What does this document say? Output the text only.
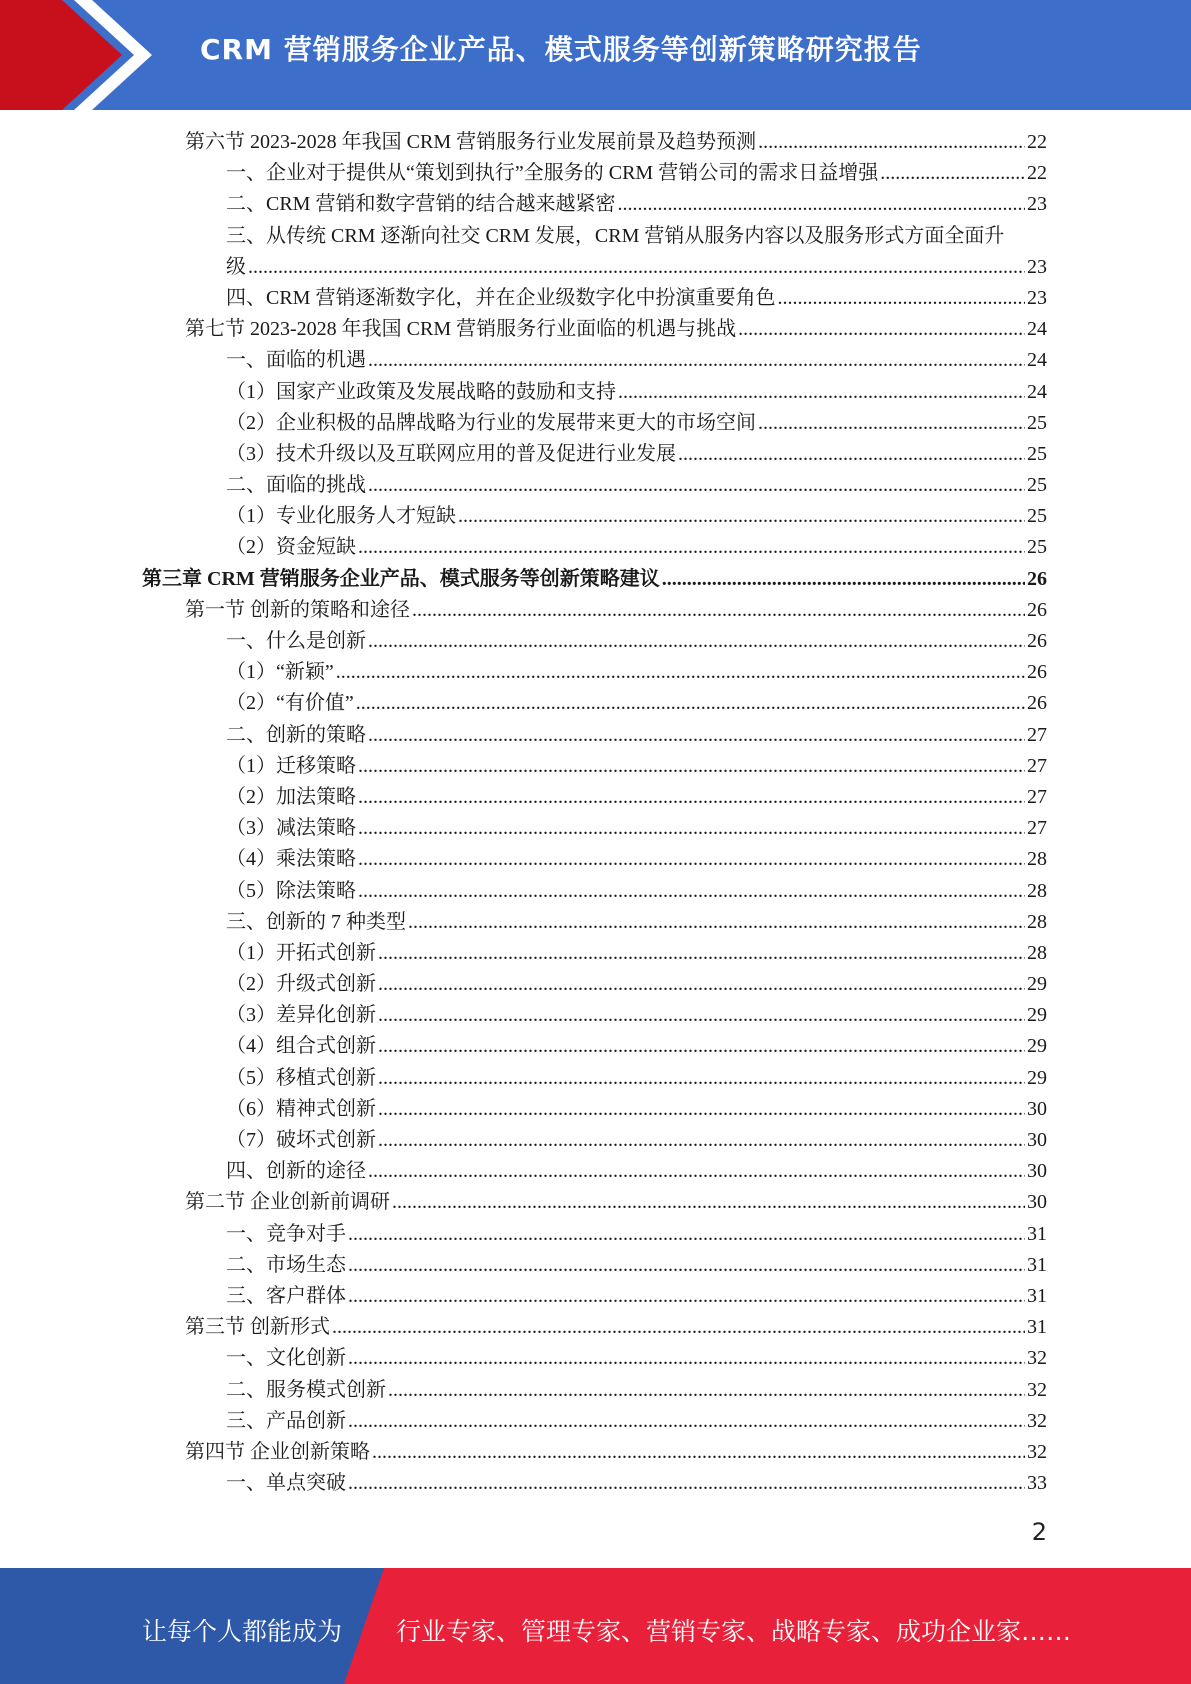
CRM 营销服务企业产品、模式服务等创新策略研究报告
第六节 2023-2028 年我国 CRM 营销服务行业发展前景及趋势预测 .....	22
一、企业对于提供从“策划到执行”全服务的 CRM 营销公司的需求日益增强 .....	22
二、CRM 营销和数字营销的结合越来越紧密 .....	23
三、从传统 CRM 逐渐向社交 CRM 发展，CRM 营销从服务内容以及服务形式方面全面升
级 .....	23
四、CRM 营销逐渐数字化，并在企业级数字化中扮演重要角色 .....	23
第七节 2023-2028 年我国 CRM 营销服务行业面临的机遇与挑战 .....	24
一、面临的机遇 .....	24
（1）国家产业政策及发展战略的鼓励和支持 .....	24
（2）企业积极的品牌战略为行业的发展带来更大的市场空间 .....	25
（3）技术升级以及互联网应用的普及促进行业发展 .....	25
二、面临的挑战 .....	25
（1）专业化服务人才短缺 .....	25
（2）资金短缺 .....	25
第三章 CRM 营销服务企业产品、模式服务等创新策略建议 .....	26
第一节 创新的策略和途径 .....	26
一、什么是创新 .....	26
（1）“新颖” .....	26
（2）“有价值” .....	26
二、创新的策略 .....	27
（1）迁移策略 .....	27
（2）加法策略 .....	27
（3）减法策略 .....	27
（4）乘法策略 .....	28
（5）除法策略 .....	28
三、创新的 7 种类型 .....	28
（1）开拓式创新 .....	28
（2）升级式创新 .....	29
（3）差异化创新 .....	29
（4）组合式创新 .....	29
（5）移植式创新 .....	29
（6）精神式创新 .....	30
（7）破坏式创新 .....	30
四、创新的途径 .....	30
第二节 企业创新前调研 .....	30
一、竞争对手 .....	31
二、市场生态 .....	31
三、客户群体 .....	31
第三节 创新形式 .....	31
一、文化创新 .....	32
二、服务模式创新 .....	32
三、产品创新 .....	32
第四节 企业创新策略 .....	32
一、单点突破 .....	33
2
让每个人都能成为 行业专家、管理专家、营销专家、战略专家、成功企业家……
